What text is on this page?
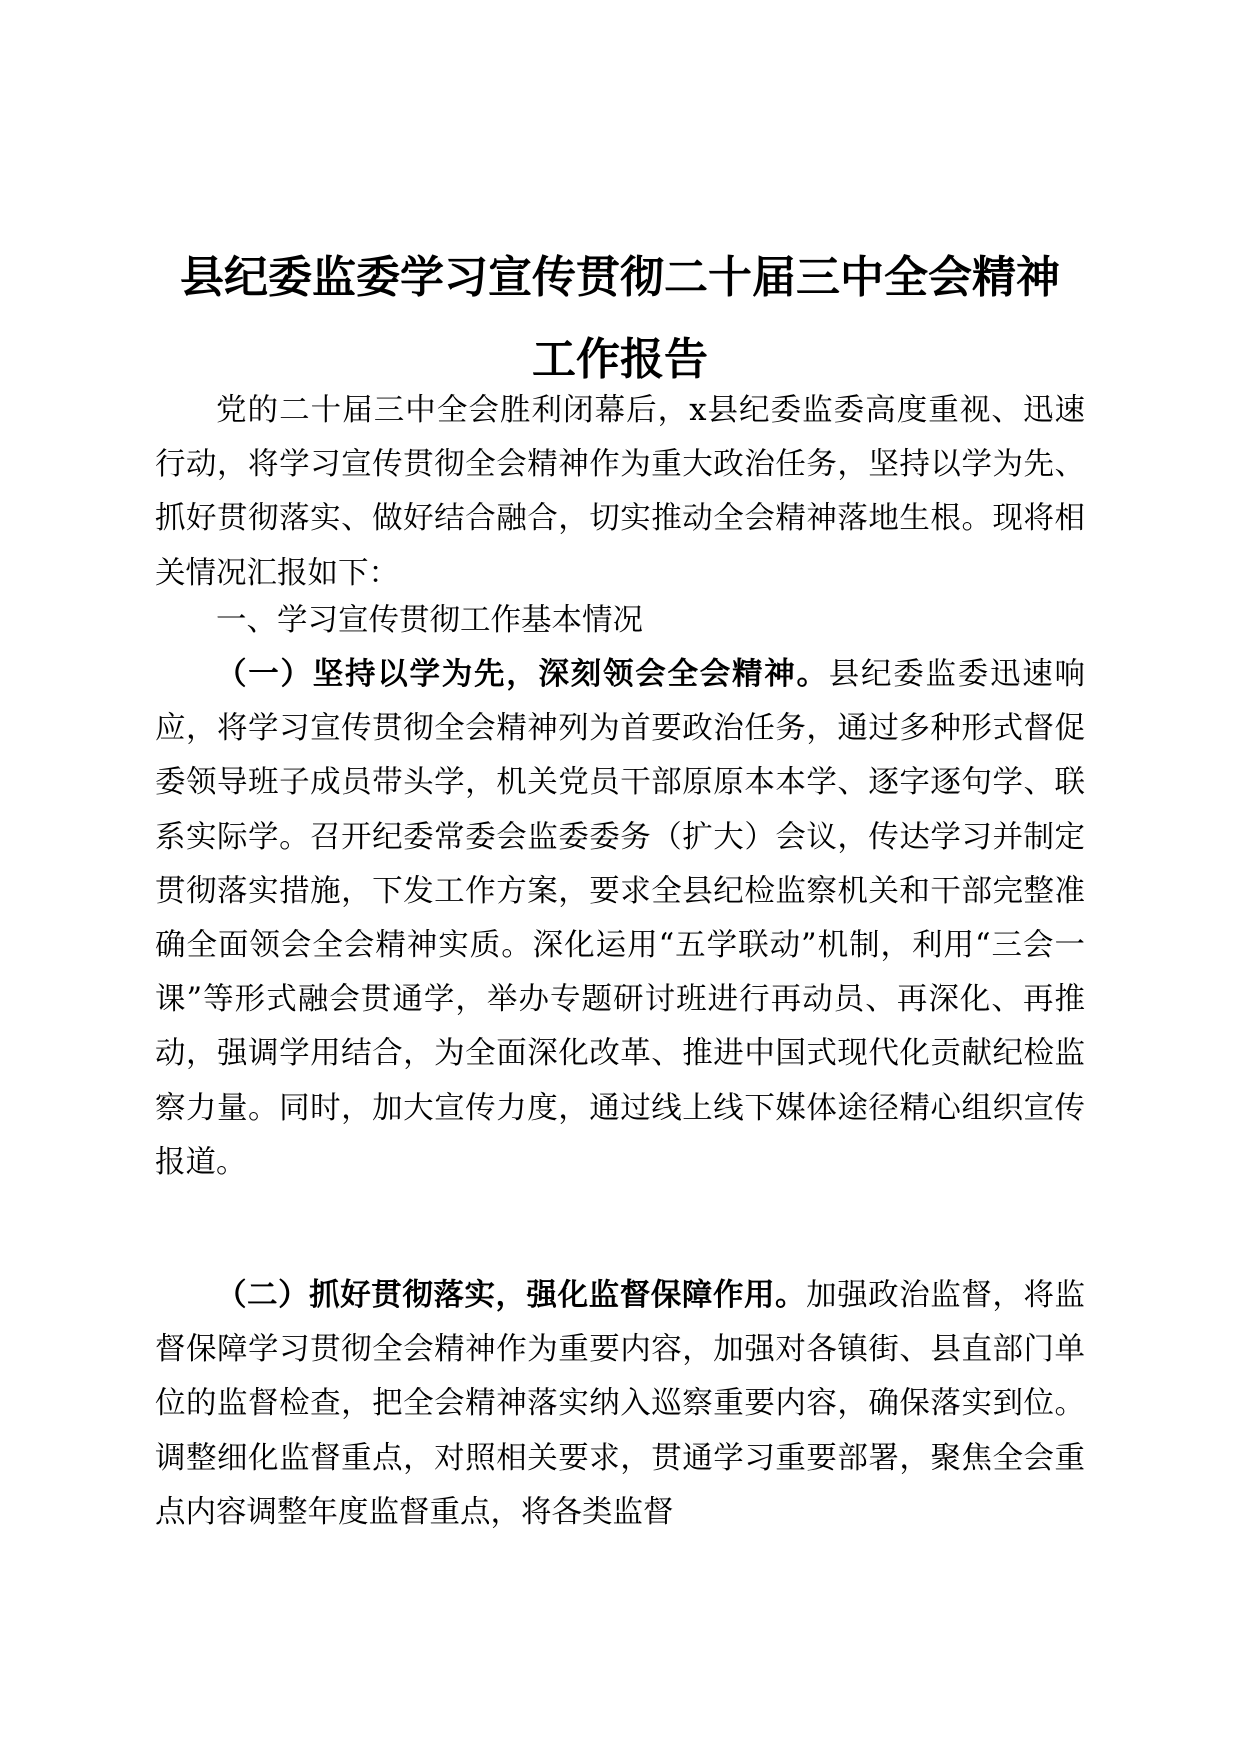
县纪委监委学习宣传贯彻二十届三中全会精神
工作报告

党的二十届三中全会胜利闭幕后，x县纪委监委高度重视、迅速行动，将学习宣传贯彻全会精神作为重大政治任务，坚持以学为先、抓好贯彻落实、做好结合融合，切实推动全会精神落地生根。现将相关情况汇报如下：

一、学习宣传贯彻工作基本情况

（一）坚持以学为先，深刻领会全会精神。县纪委监委迅速响应，将学习宣传贯彻全会精神列为首要政治任务，通过多种形式督促委领导班子成员带头学，机关党员干部原原本本学、逐字逐句学、联系实际学。召开纪委常委会监委委务（扩大）会议，传达学习并制定贯彻落实措施，下发工作方案，要求全县纪检监察机关和干部完整准确全面领会全会精神实质。深化运用“五学联动”机制，利用“三会一课”等形式融会贯通学，举办专题研讨班进行再动员、再深化、再推动，强调学用结合，为全面深化改革、推进中国式现代化贡献纪检监察力量。同时，加大宣传力度，通过线上线下媒体途径精心组织宣传报道。

（二）抓好贯彻落实，强化监督保障作用。加强政治监督，将监督保障学习贯彻全会精神作为重要内容，加强对各镇街、县直部门单位的监督检查，把全会精神落实纳入巡察重要内容，确保落实到位。调整细化监督重点，对照相关要求，贯通学习重要部署，聚焦全会重点内容调整年度监督重点，将各类监督
